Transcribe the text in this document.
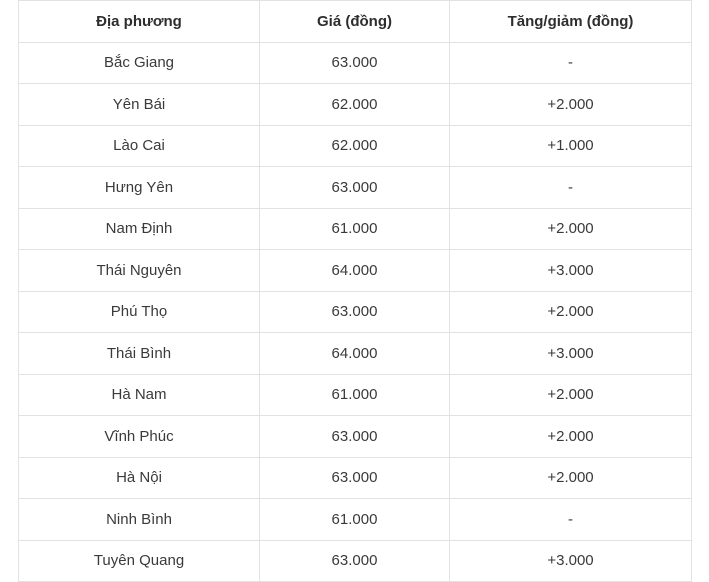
Địa phương	Giá (đồng)	Tăng/giảm (đồng)
Bắc Giang	63.000	-
Yên Bái	62.000	+2.000
Lào Cai	62.000	+1.000
Hưng Yên	63.000	-
Nam Định	61.000	+2.000
Thái Nguyên	64.000	+3.000
Phú Thọ	63.000	+2.000
Thái Bình	64.000	+3.000
Hà Nam	61.000	+2.000
Vĩnh Phúc	63.000	+2.000
Hà Nội	63.000	+2.000
Ninh Bình	61.000	-
Tuyên Quang	63.000	+3.000
